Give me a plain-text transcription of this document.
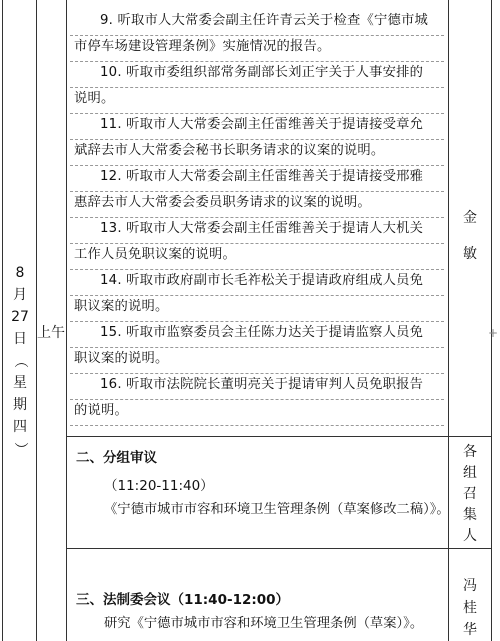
8
月
27
日
（
星
期
四
）
上午
9. 听取市人大常委会副主任许青云关于检查《宁德市城
市停车场建设管理条例》实施情况的报告。
10. 听取市委组织部常务副部长刘正宇关于人事安排的
说明。
11. 听取市人大常委会副主任雷维善关于提请接受章允
斌辞去市人大常委会秘书长职务请求的议案的说明。
12. 听取市人大常委会副主任雷维善关于提请接受邢雅
惠辞去市人大常委会委员职务请求的议案的说明。
13. 听取市人大常委会副主任雷维善关于提请人大机关
工作人员免职议案的说明。
14. 听取市政府副市长毛祚松关于提请政府组成人员免
职议案的说明。
15. 听取市监察委员会主任陈力达关于提请监察人员免
职议案的说明。
16. 听取市法院院长董明亮关于提请审判人员免职报告
的说明。
金
敏
二、分组审议
（11:20-11:40）
《宁德市城市市容和环境卫生管理条例（草案修改二稿）》。
各
组
召
集
人
三、法制委会议（11:40-12:00）
研究《宁德市城市市容和环境卫生管理条例（草案）》。
冯
桂
华
+
